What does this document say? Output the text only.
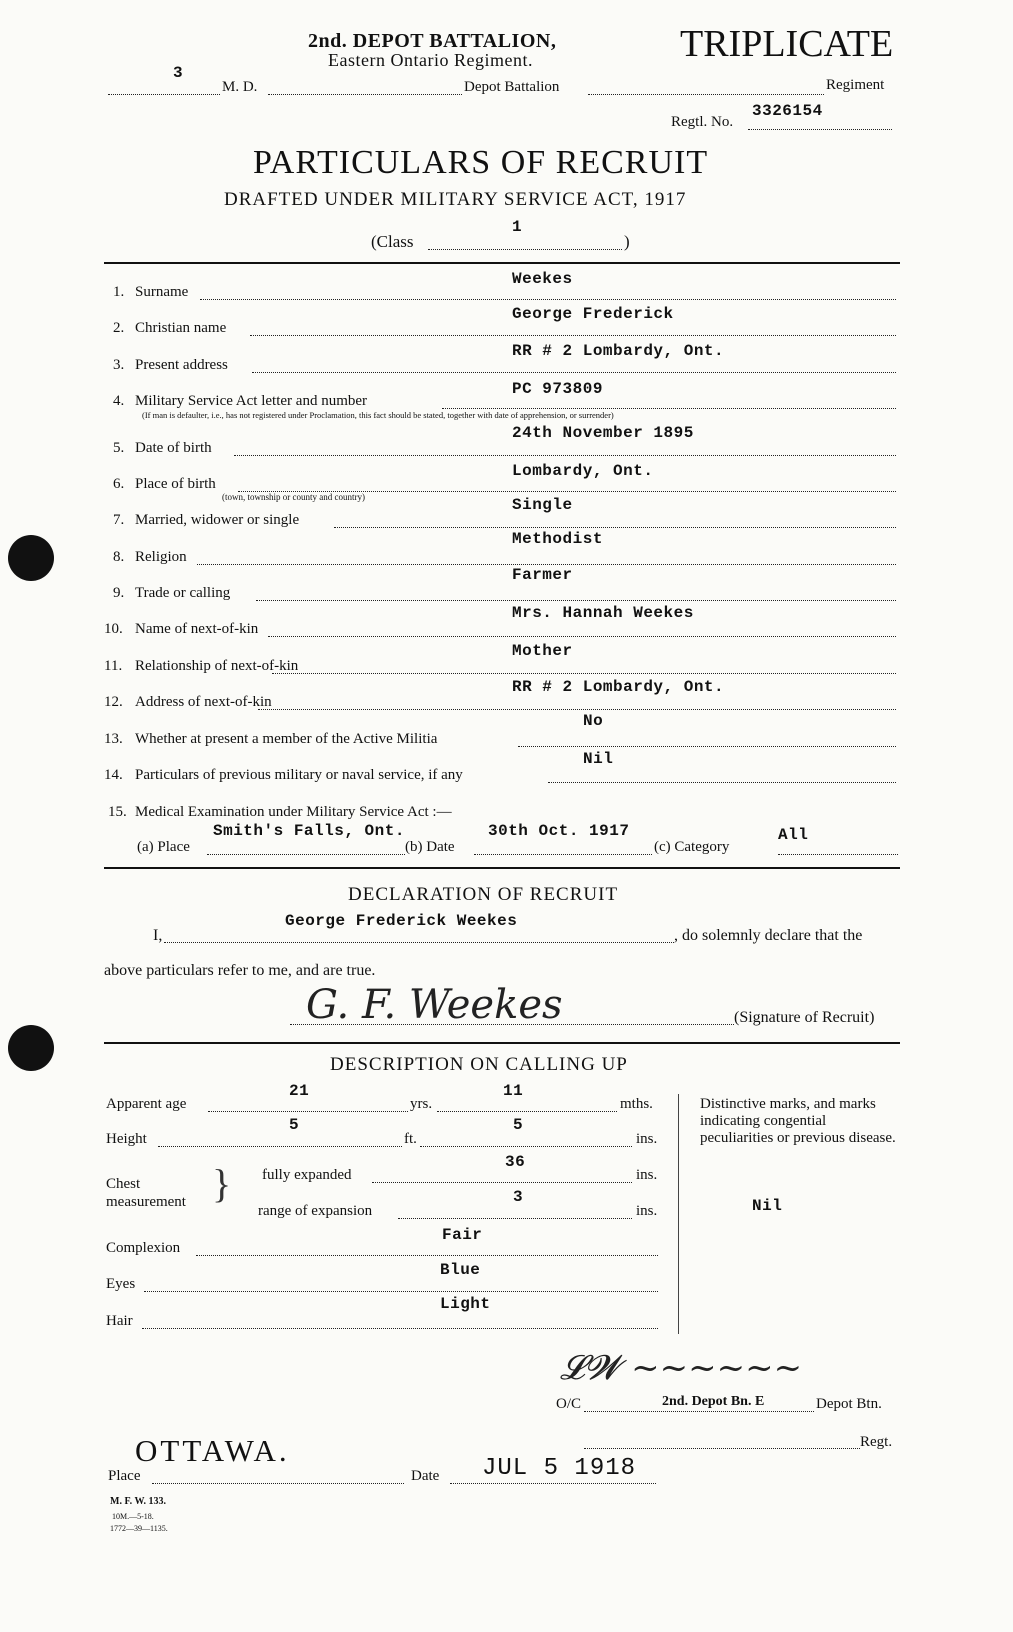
2nd. DEPOT BATTALION,
Eastern Ontario Regiment.	TRIPLICATE
3
M. D.	Depot Battalion	Regiment
Regtl. No.
3326154
PARTICULARS OF RECRUIT
DRAFTED UNDER MILITARY SERVICE ACT, 1917
(Class
1
)
1. Surname
Weekes
2. Christian name
George Frederick
3. Present address
RR # 2 Lombardy, Ont.
4. Military Service Act letter and number
PC 973809
(If man is defaulter, i.e., has not registered under Proclamation, this fact should be stated, together with date of apprehension, or surrender)
5. Date of birth
24th November 1895
6. Place of birth
Lombardy, Ont.
(town, township or county and country)
7. Married, widower or single
Single
8. Religion
Methodist
9. Trade or calling
Farmer
10. Name of next-of-kin
Mrs. Hannah Weekes
11. Relationship of next-of-kin
Mother
12. Address of next-of-kin
RR # 2 Lombardy, Ont.
13. Whether at present a member of the Active Militia
No
14. Particulars of previous military or naval service, if any
Nil
15. Medical Examination under Military Service Act :—
Smith's Falls, Ont.	30th Oct. 1917	All
(a) Place	(b) Date	(c) Category
DECLARATION OF RECRUIT
I,
George Frederick Weekes
, do solemnly declare that the
above particulars refer to me, and are true.
G. F. Weekes	(Signature of Recruit)
DESCRIPTION ON CALLING UP
Apparent age
21
yrs.
11
mths.
Height
5
ft.
5
ins.
Chest
measurement } fully expanded
36
ins.
range of expansion
3
ins.
Complexion
Fair
Eyes
Blue
Hair
Light
Distinctive marks, and marks indicating congential peculiarities or previous disease.
Nil
𝓛𝓦 ~~~~~~
O/C	2nd. Depot Bn. E	Depot Btn.
Regt.
OTTAWA.
Place	Date JUL 5 1918
M. F. W. 133.
10M.—5-18.
1772—39—1135.
